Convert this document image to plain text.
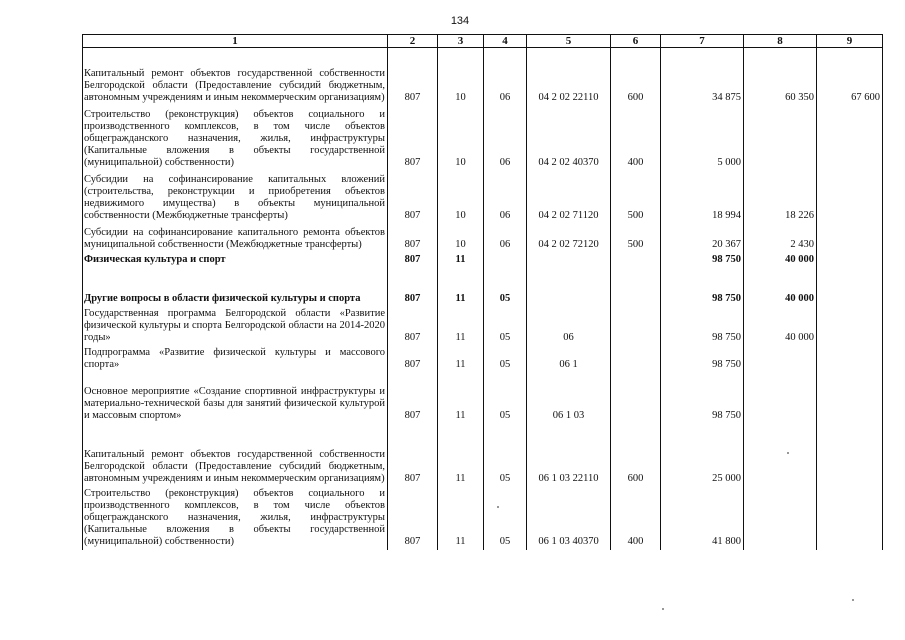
134
1	2	3	4	5	6	7	8	9

Капитальный ремонт объектов государственной собственности Белгородской области (Предоставление субсидий бюджетным, автономным учреждениям и иным некоммерческим организациям)	807	10	06	04 2 02 22110	600	34 875	60 350	67 600
Строительство (реконструкция) объектов социального и производственного комплексов, в том числе объектов общегражданского назначения, жилья, инфраструктуры (Капитальные вложения в объекты государственной (муниципальной) собственности)	807	10	06	04 2 02 40370	400	5 000		
Субсидии на софинансирование капитальных вложений (строительства, реконструкции и приобретения объектов недвижимого имущества) в объекты муниципальной собственности (Межбюджетные трансферты)	807	10	06	04 2 02 71120	500	18 994	18 226	
Субсидии на софинансирование капитального ремонта объектов муниципальной собственности (Межбюджетные трансферты)	807	10	06	04 2 02 72120	500	20 367	2 430	
Физическая культура и спорт	807	11				98 750	40 000	

Другие вопросы в области физической культуры и спорта	807	11	05			98 750	40 000	
Государственная программа Белгородской области «Развитие физической культуры и спорта Белгородской области на 2014-2020 годы»	807	11	05	06		98 750	40 000	
Подпрограмма «Развитие физической культуры и массового спорта»	807	11	05	06 1		98 750		

Основное мероприятие «Создание спортивной инфраструктуры и материально-технической базы для занятий физической культурой и массовым спортом»	807	11	05	06 1 03		98 750		

Капитальный ремонт объектов государственной собственности Белгородской области (Предоставление субсидий бюджетным, автономным учреждениям и иным некоммерческим организациям)	807	11	05	06 1 03 22110	600	25 000		
Строительство (реконструкция) объектов социального и производственного комплексов, в том числе объектов общегражданского назначения, жилья, инфраструктуры (Капитальные вложения в объекты государственной (муниципальной) собственности)	807	11	05	06 1 03 40370	400	41 800		
